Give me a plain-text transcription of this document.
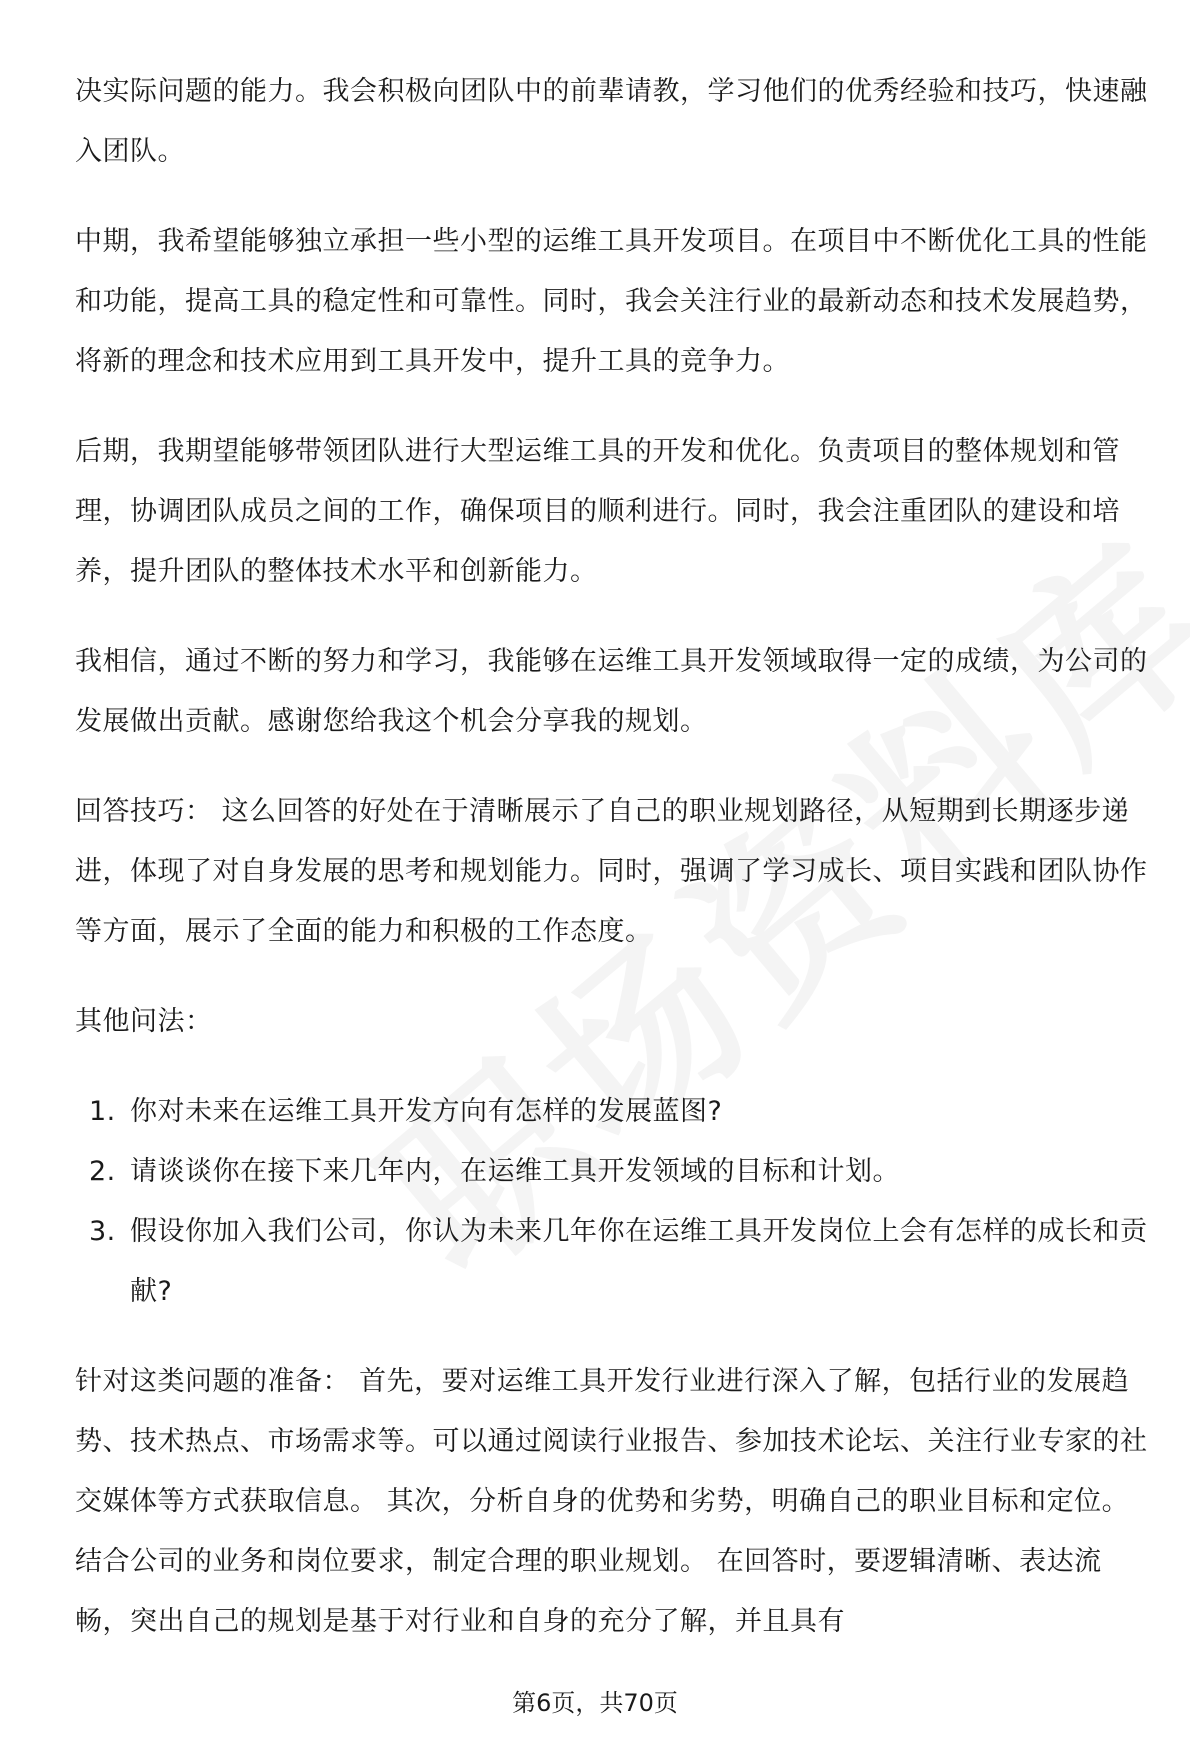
决实际问题的能力。我会积极向团队中的前辈请教，学习他们的优秀经验和技巧，快速融入团队。

中期，我希望能够独立承担一些小型的运维工具开发项目。在项目中不断优化工具的性能和功能，提高工具的稳定性和可靠性。同时，我会关注行业的最新动态和技术发展趋势，将新的理念和技术应用到工具开发中，提升工具的竞争力。

后期，我期望能够带领团队进行大型运维工具的开发和优化。负责项目的整体规划和管理，协调团队成员之间的工作，确保项目的顺利进行。同时，我会注重团队的建设和培养，提升团队的整体技术水平和创新能力。

我相信，通过不断的努力和学习，我能够在运维工具开发领域取得一定的成绩，为公司的发展做出贡献。感谢您给我这个机会分享我的规划。

回答技巧： 这么回答的好处在于清晰展示了自己的职业规划路径，从短期到长期逐步递进，体现了对自身发展的思考和规划能力。同时，强调了学习成长、项目实践和团队协作等方面，展示了全面的能力和积极的工作态度。

其他问法：

1. 你对未来在运维工具开发方向有怎样的发展蓝图?
2. 请谈谈你在接下来几年内，在运维工具开发领域的目标和计划。
3. 假设你加入我们公司，你认为未来几年你在运维工具开发岗位上会有怎样的成长和贡献?

针对这类问题的准备： 首先，要对运维工具开发行业进行深入了解，包括行业的发展趋势、技术热点、市场需求等。可以通过阅读行业报告、参加技术论坛、关注行业专家的社交媒体等方式获取信息。 其次，分析自身的优势和劣势，明确自己的职业目标和定位。结合公司的业务和岗位要求，制定合理的职业规划。 在回答时，要逻辑清晰、表达流畅，突出自己的规划是基于对行业和自身的充分了解，并且具有

第6页，共70页
